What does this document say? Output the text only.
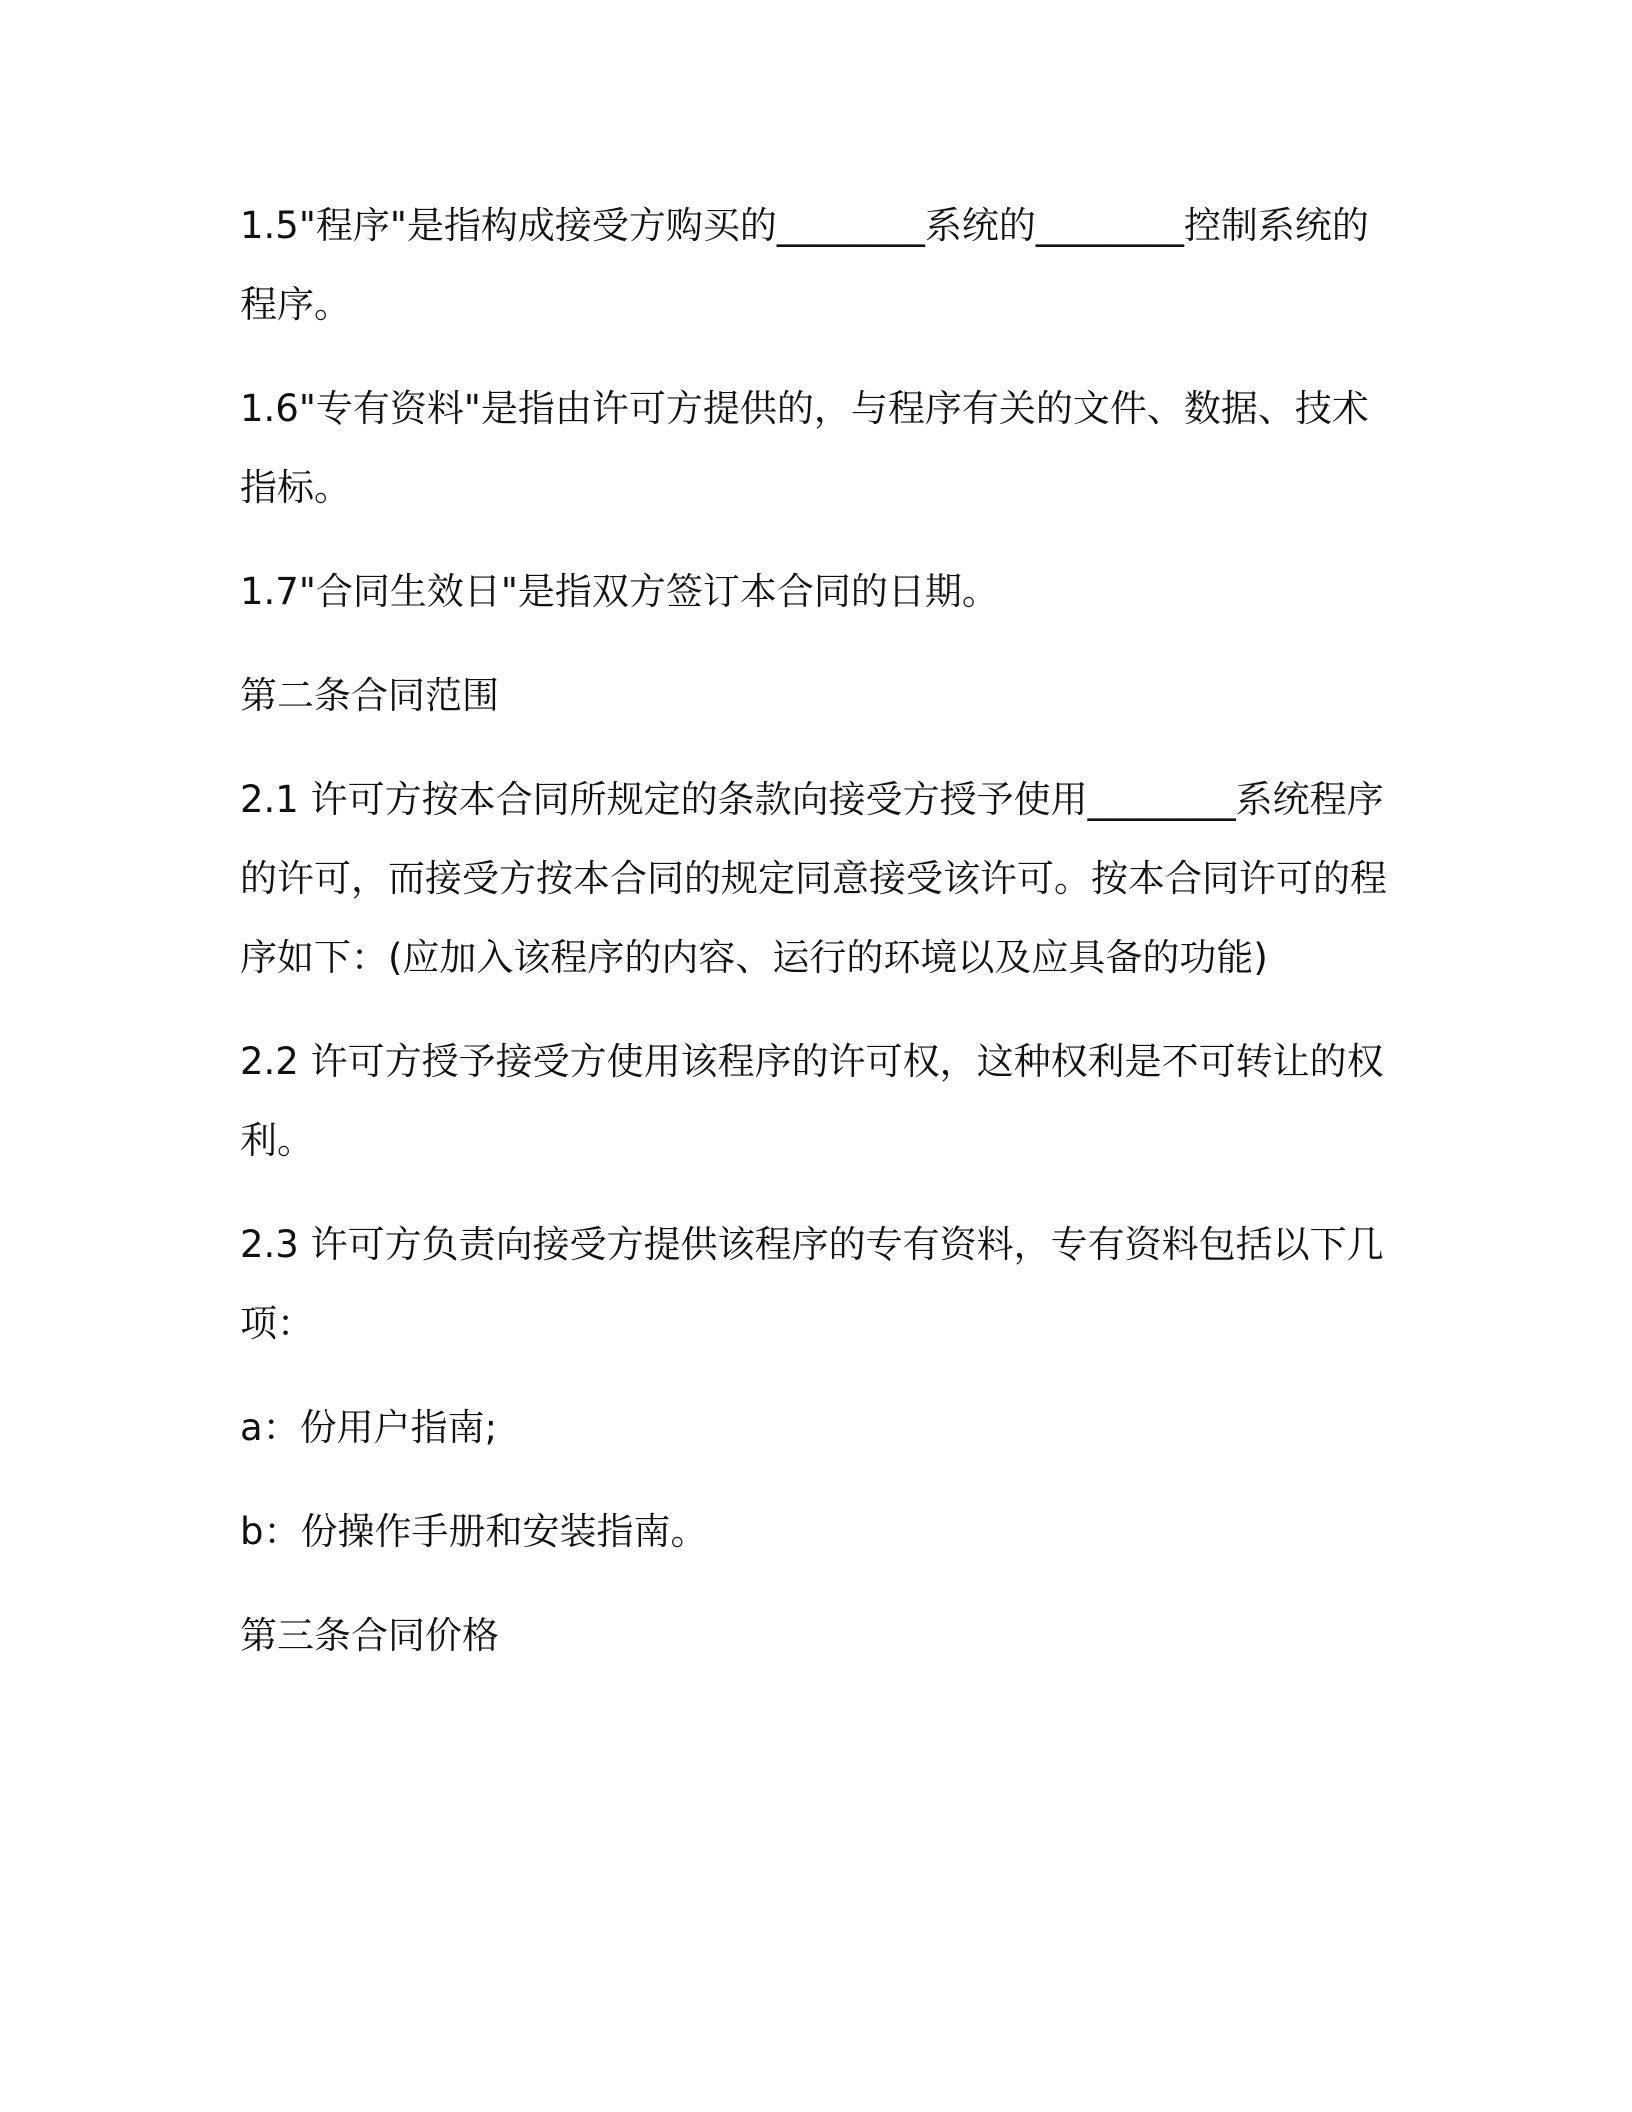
1.5"程序"是指构成接受方购买的________系统的________控制系统的程序。

1.6"专有资料"是指由许可方提供的，与程序有关的文件、数据、技术指标。

1.7"合同生效日"是指双方签订本合同的日期。

第二条合同范围

2.1 许可方按本合同所规定的条款向接受方授予使用________系统程序的许可，而接受方按本合同的规定同意接受该许可。按本合同许可的程序如下：(应加入该程序的内容、运行的环境以及应具备的功能)

2.2 许可方授予接受方使用该程序的许可权，这种权利是不可转让的权利。

2.3 许可方负责向接受方提供该程序的专有资料，专有资料包括以下几项：

a：份用户指南;

b：份操作手册和安装指南。

第三条合同价格
